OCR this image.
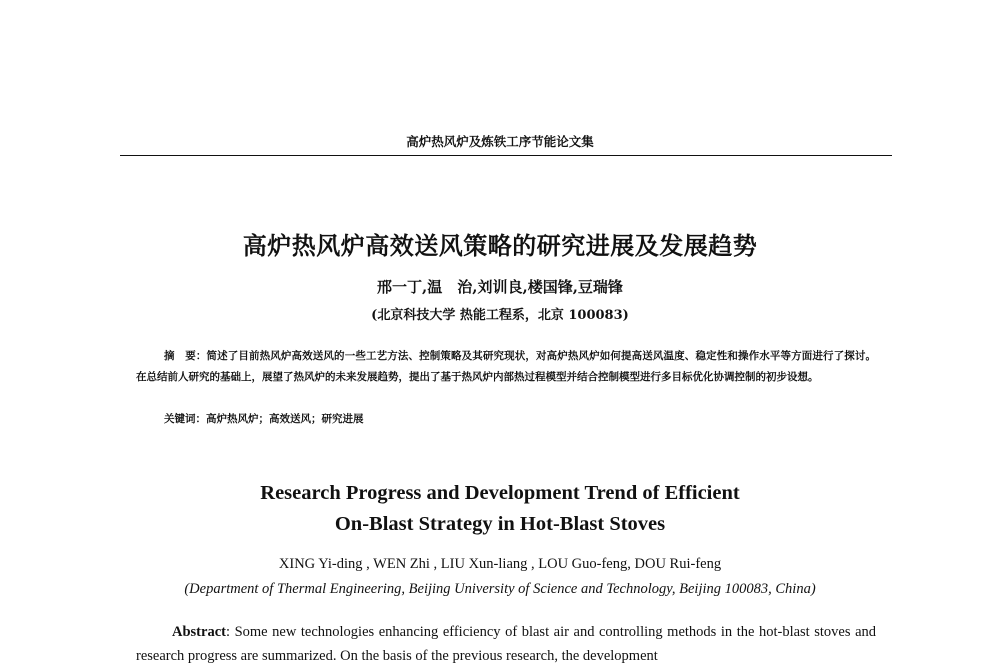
高炉热风炉及炼铁工序节能论文集
高炉热风炉高效送风策略的研究进展及发展趋势
邢一丁,温　治,刘训良,楼国锋,豆瑞锋
(北京科技大学 热能工程系，北京 100083)
摘　要：简述了目前热风炉高效送风的一些工艺方法、控制策略及其研究现状，对高炉热风炉如何提高送风温度、稳定性和操作水平等方面进行了探讨。在总结前人研究的基础上，展望了热风炉的未来发展趋势，提出了基于热风炉内部热过程模型并结合控制模型进行多目标优化协调控制的初步设想。
关键词：高炉热风炉；高效送风；研究进展
Research Progress and Development Trend of Efficient
On-Blast Strategy in Hot-Blast Stoves
XING Yi-ding , WEN Zhi , LIU Xun-liang , LOU Guo-feng, DOU Rui-feng
(Department of Thermal Engineering, Beijing University of Science and Technology, Beijing 100083, China)
Abstract: Some new technologies enhancing efficiency of blast air and controlling methods in the hot-blast stoves and research progress are summarized. On the basis of the previous research, the development
